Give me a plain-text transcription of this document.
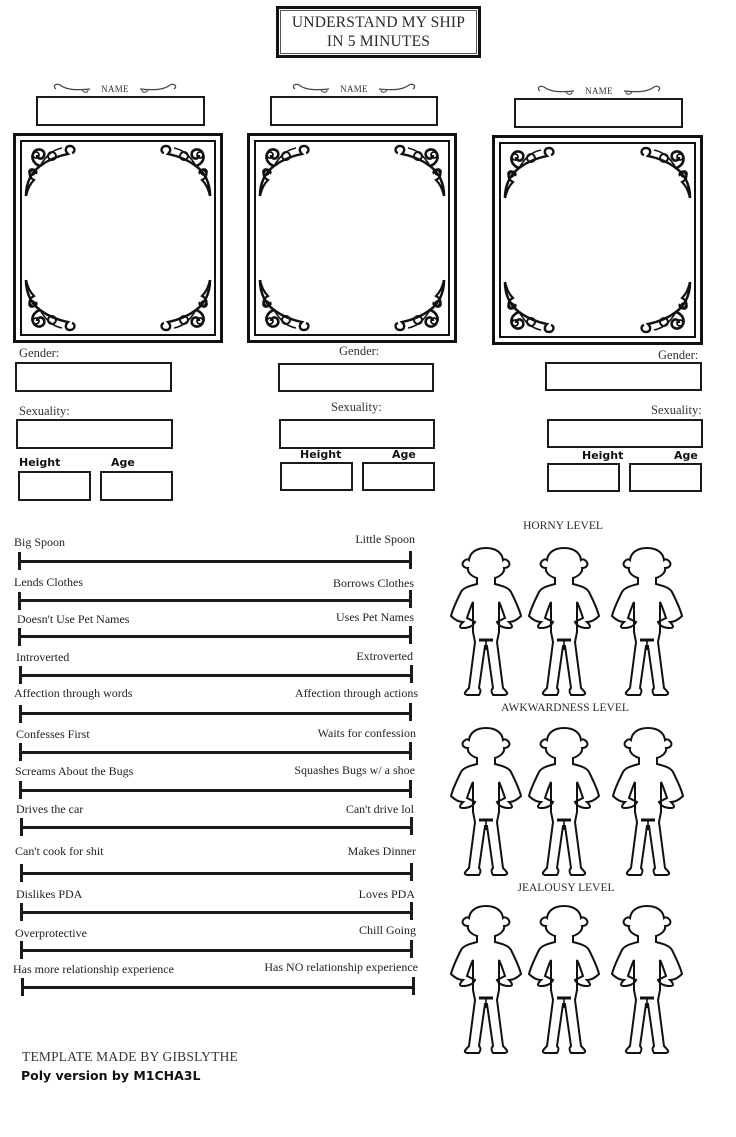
UNDERSTAND MY SHIP
IN 5 MINUTES
NAME
Gender:
Sexuality:
Height	Age
NAME
Gender:
Sexuality:
Height	Age
NAME
Gender:
Sexuality:
Height	Age
Big Spoon	Little Spoon
Lends Clothes	Borrows Clothes
Doesn't Use Pet Names	Uses Pet Names
Introverted	Extroverted
Affection through words	Affection through actions
Confesses First	Waits for confession
Screams About the Bugs	Squashes Bugs w/ a shoe
Drives the car	Can't drive lol
Can't cook for shit	Makes Dinner
Dislikes PDA	Loves PDA
Overprotective	Chill Going
Has more relationship experience	Has NO relationship experience
HORNY LEVEL
AWKWARDNESS LEVEL
JEALOUSY LEVEL
TEMPLATE MADE BY GIBSLYTHE
Poly version by M1CHA3L
